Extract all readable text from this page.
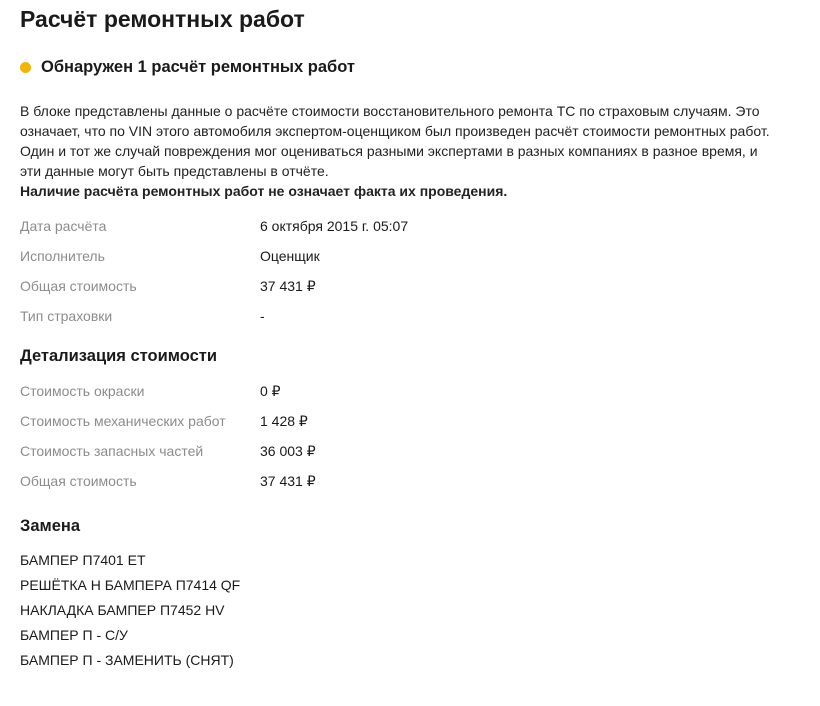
Расчёт ремонтных работ
Обнаружен 1 расчёт ремонтных работ
В блоке представлены данные о расчёте стоимости восстановительного ремонта ТС по страховым случаям. Это означает, что по VIN этого автомобиля экспертом-оценщиком был произведен расчёт стоимости ремонтных работ. Один и тот же случай повреждения мог оцениваться разными экспертами в разных компаниях в разное время, и эти данные могут быть представлены в отчёте.
Наличие расчёта ремонтных работ не означает факта их проведения.
Дата расчёта	6 октября 2015 г. 05:07
Исполнитель	Оценщик
Общая стоимость	37 431 ₽
Тип страховки	-
Детализация стоимости
Стоимость окраски	0 ₽
Стоимость механических работ 1 428 ₽
Стоимость запасных частей	36 003 ₽
Общая стоимость	37 431 ₽
Замена
БАМПЕР П7401 ЕТ
РЕШЁТКА Н БАМПЕРА П7414 QF
НАКЛАДКА БАМПЕР П7452 HV
БАМПЕР П - С/У
БАМПЕР П - ЗАМЕНИТЬ (СНЯТ)
